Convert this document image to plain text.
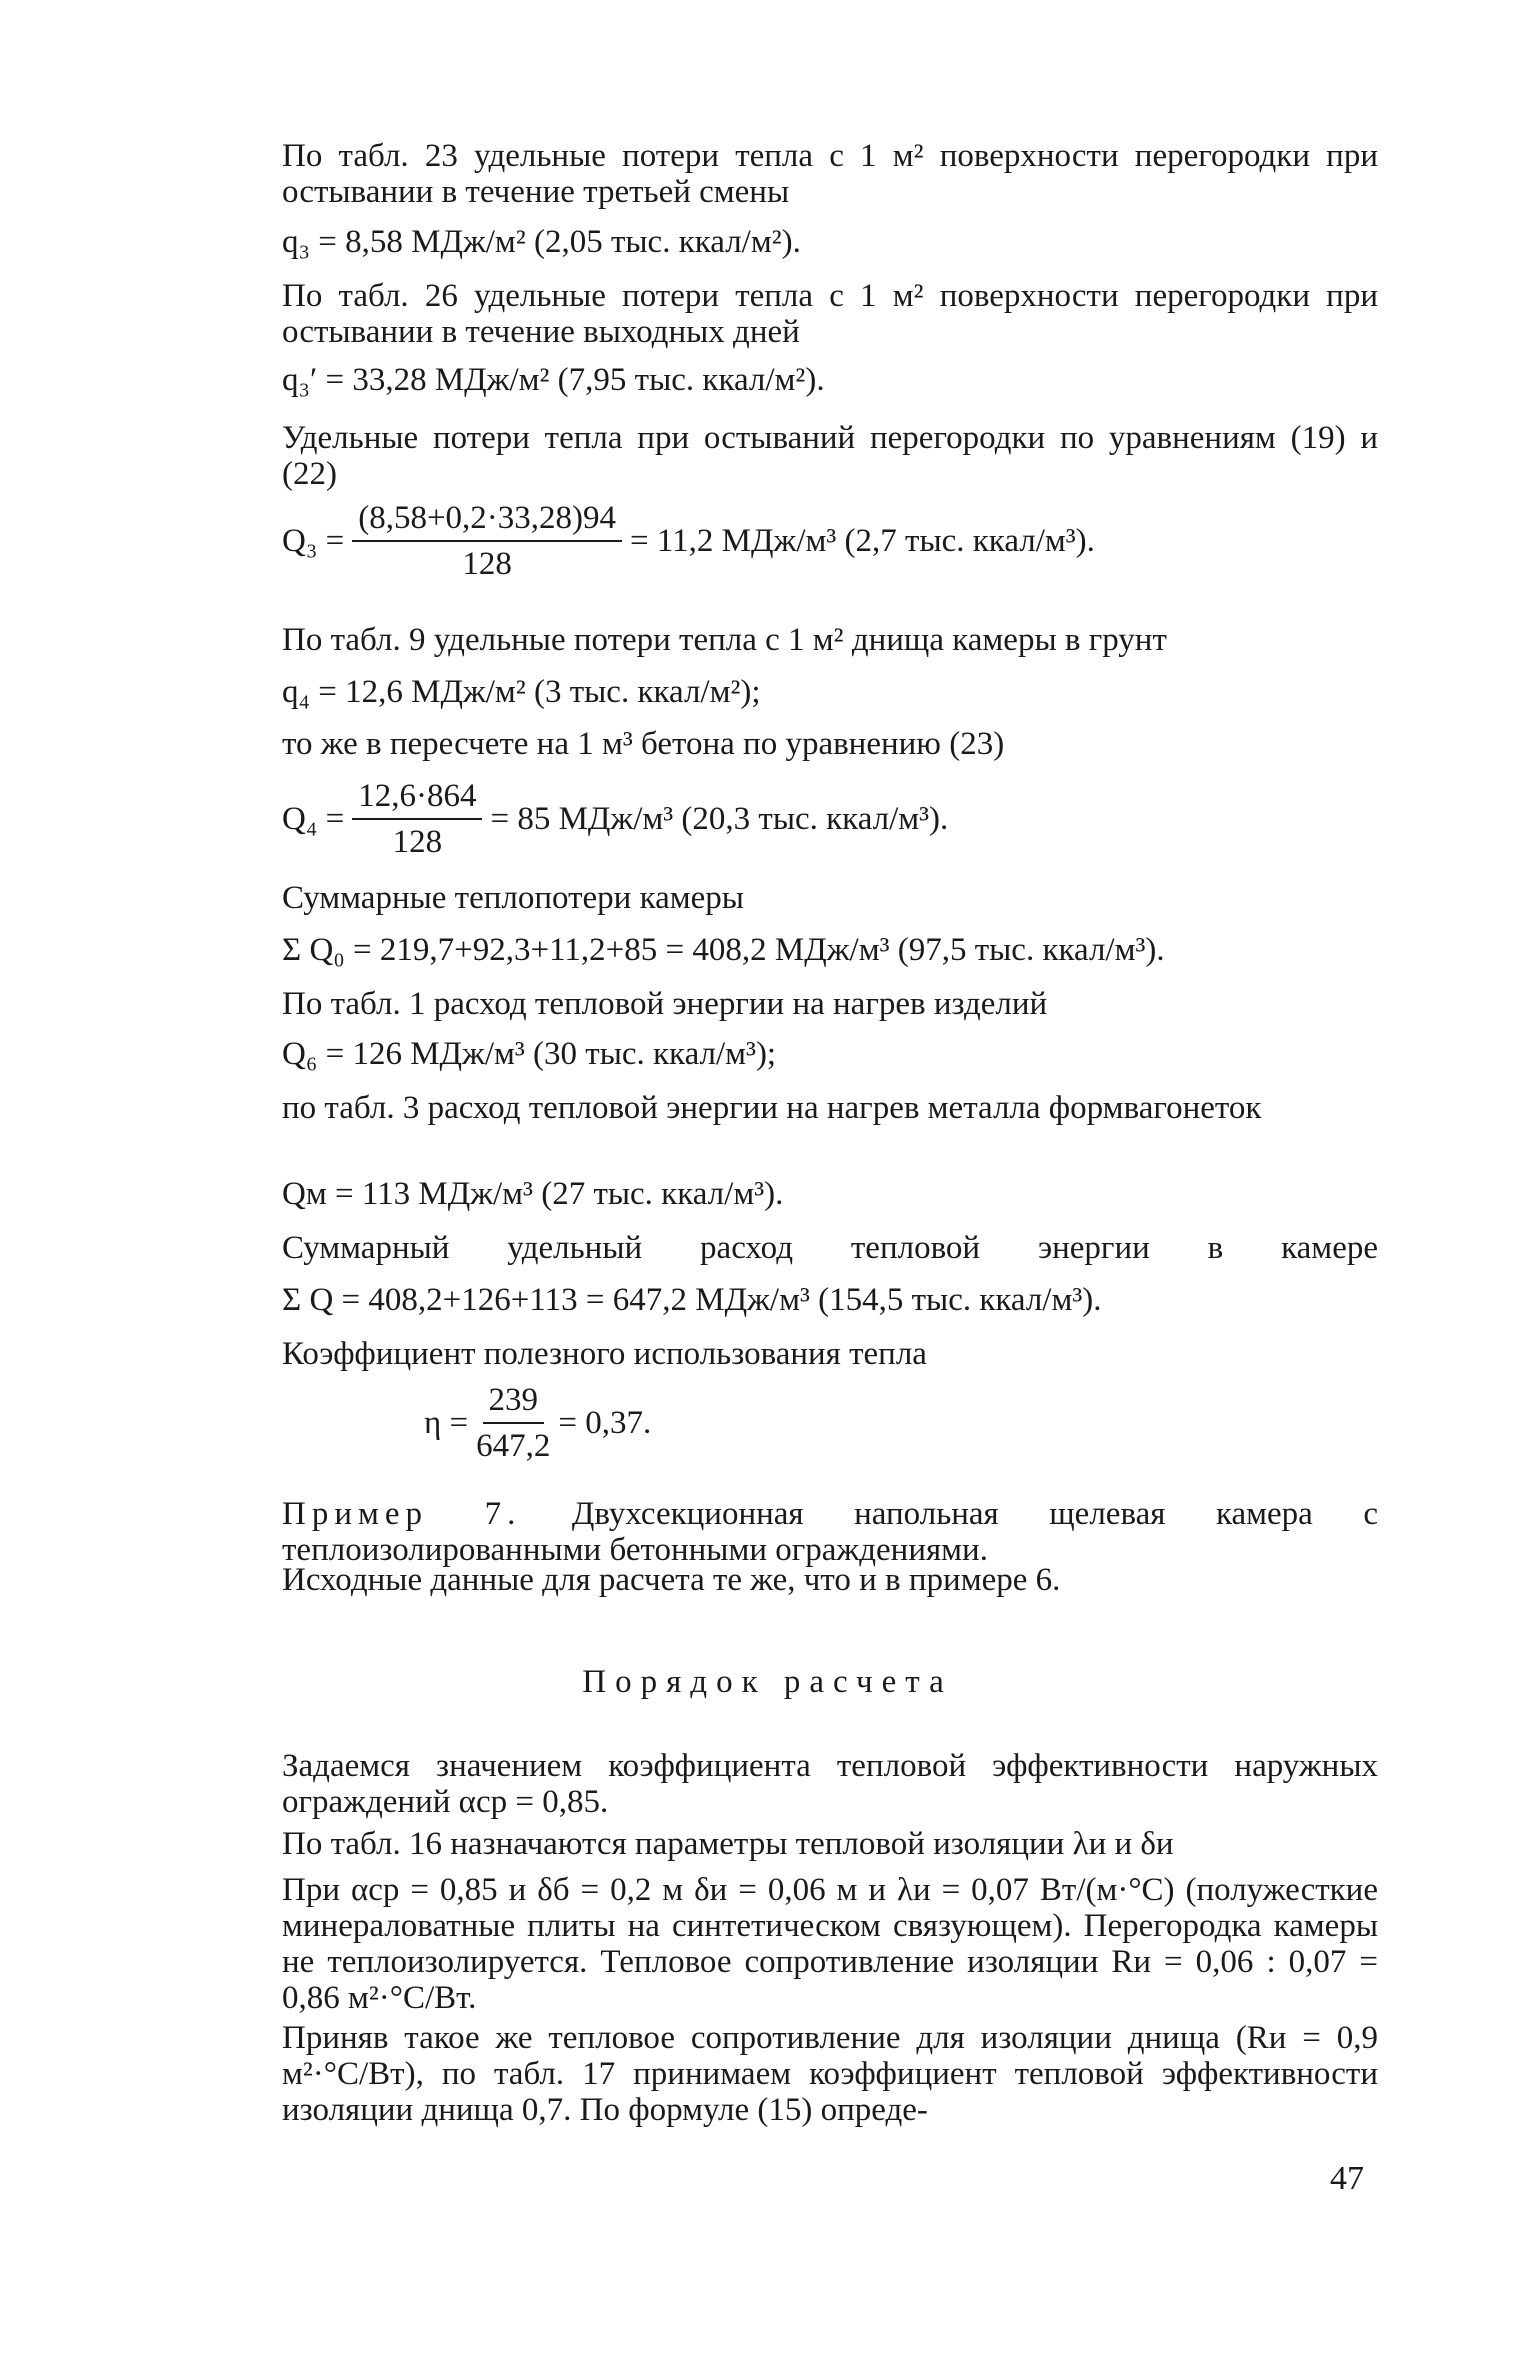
По табл. 23 удельные потери тепла с 1 м² поверхности перегородки при остывании в течение третьей смены

q₃ = 8,58 МДж/м² (2,05 тыс. ккал/м²).

По табл. 26 удельные потери тепла с 1 м² поверхности перегородки при остывании в течение выходных дней

q₃′ = 33,28 МДж/м² (7,95 тыс. ккал/м²).

Удельные потери тепла при остываний перегородки по уравнениям (19) и (22)

$Q_3 = \frac{(8,58+0,2\cdot 33,28)94}{128} = 11,2$ МДж/м³ (2,7 тыс. ккал/м³).

По табл. 9 удельные потери тепла с 1 м² днища камеры в грунт

q₄ = 12,6 МДж/м² (3 тыс. ккал/м²);

то же в пересчете на 1 м³ бетона по уравнению (23)

$Q_4 = \frac{12,6\cdot 864}{128} = 85$ МДж/м³ (20,3 тыс. ккал/м³).

Суммарные теплопотери камеры

Σ Q₀ = 219,7+92,3+11,2+85 = 408,2 МДж/м³ (97,5 тыс. ккал/м³).

По табл. 1 расход тепловой энергии на нагрев изделий

Q₆ = 126 МДж/м³ (30 тыс. ккал/м³);

по табл. 3 расход тепловой энергии на нагрев металла формвагонеток

Qм = 113 МДж/м³ (27 тыс. ккал/м³).

Суммарный удельный расход тепловой энергии в камере

Σ Q = 408,2+126+113 = 647,2 МДж/м³ (154,5 тыс. ккал/м³).

Коэффициент полезного использования тепла

$\eta = \frac{239}{647,2} = 0,37$.
Пример 7. Двухсекционная напольная щелевая камера с теплоизолированными бетонными ограждениями.

Исходные данные для расчета те же, что и в примере 6.

Порядок расчета

Задаемся значением коэффициента тепловой эффективности наружных ограждений αср = 0,85.

По табл. 16 назначаются параметры тепловой изоляции λи и δи

При αср = 0,85 и δб = 0,2 м δи = 0,06 м и λи = 0,07 Вт/(м·°С) (полужесткие минераловатные плиты на синтетическом связующем). Перегородка камеры не теплоизолируется. Тепловое сопротивление изоляции Rи = 0,06 : 0,07 = 0,86 м²·°С/Вт.

Приняв такое же тепловое сопротивление для изоляции днища (Rи = 0,9 м²·°С/Вт), по табл. 17 принимаем коэффициент тепловой эффективности изоляции днища 0,7. По формуле (15) опреде-

47
